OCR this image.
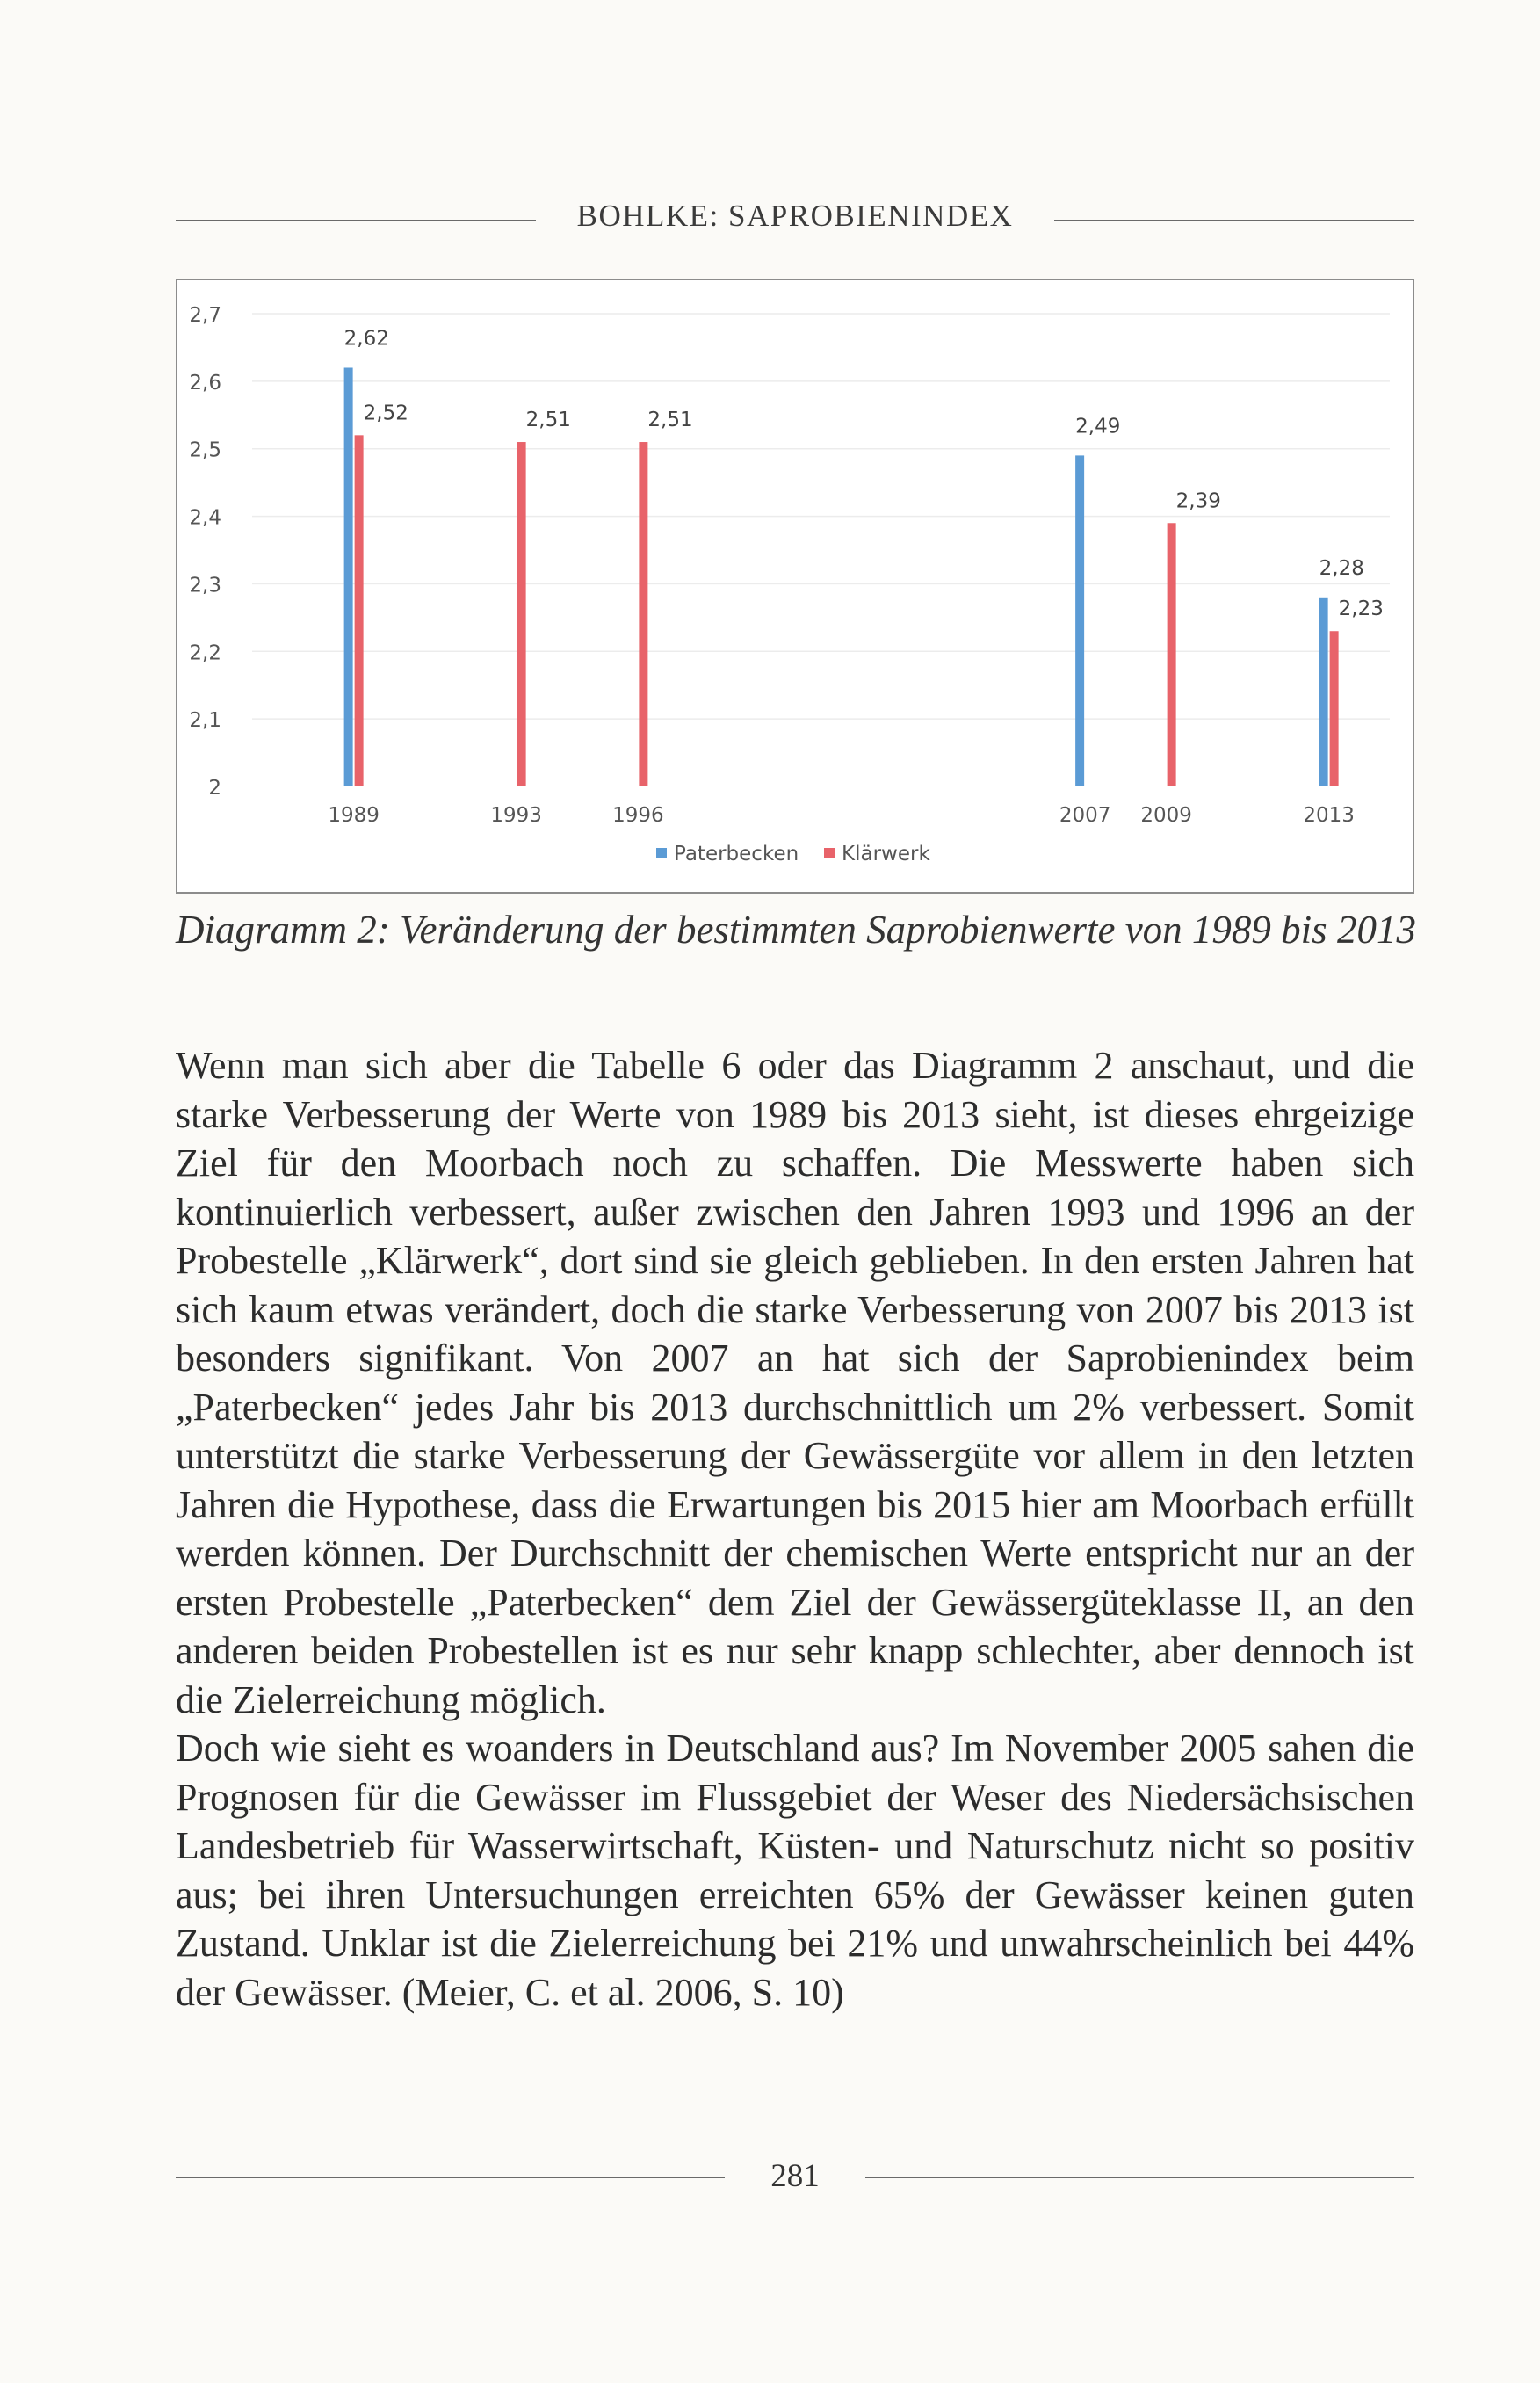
BOHLKE: SAPROBIENINDEX
2
2,1
2,2
2,3
2,4
2,5
2,6
2,7
2,62
2,52
1989
2,51
1993
2,51
1996
2,49
2007
2,39
2009
2,28
2,23
2013
Paterbecken Klärwerk
Diagramm 2: Veränderung der bestimmten Saprobienwerte von 1989 bis 2013

Wenn man sich aber die Tabelle 6 oder das Diagramm 2 anschaut, und die starke Verbesserung der Werte von 1989 bis 2013 sieht, ist dieses ehrgeizige Ziel für den Moorbach noch zu schaffen. Die Messwerte haben sich kontinuierlich verbessert, außer zwischen den Jahren 1993 und 1996 an der Probestelle „Klärwerk“, dort sind sie gleich geblieben. In den ersten Jahren hat sich kaum etwas verändert, doch die starke Verbesserung von 2007 bis 2013 ist besonders signifikant. Von 2007 an hat sich der Saprobienindex beim „Paterbecken“ jedes Jahr bis 2013 durchschnittlich um 2% verbessert. Somit unterstützt die starke Verbesserung der Gewässergüte vor allem in den letzten Jahren die Hypothese, dass die Erwartungen bis 2015 hier am Moorbach erfüllt werden können. Der Durchschnitt der chemischen Werte entspricht nur an der ersten Probestelle „Paterbecken“ dem Ziel der Gewässergüteklasse II, an den anderen beiden Probestellen ist es nur sehr knapp schlechter, aber dennoch ist die Zielerreichung möglich.

Doch wie sieht es woanders in Deutschland aus? Im November 2005 sahen die Prognosen für die Gewässer im Flussgebiet der Weser des Niedersächsischen Landesbetrieb für Wasserwirtschaft, Küsten- und Naturschutz nicht so positiv aus; bei ihren Untersuchungen erreichten 65% der Gewässer keinen guten Zustand. Unklar ist die Zielerreichung bei 21% und unwahrscheinlich bei 44% der Gewässer. (Meier, C. et al. 2006, S. 10)

281
